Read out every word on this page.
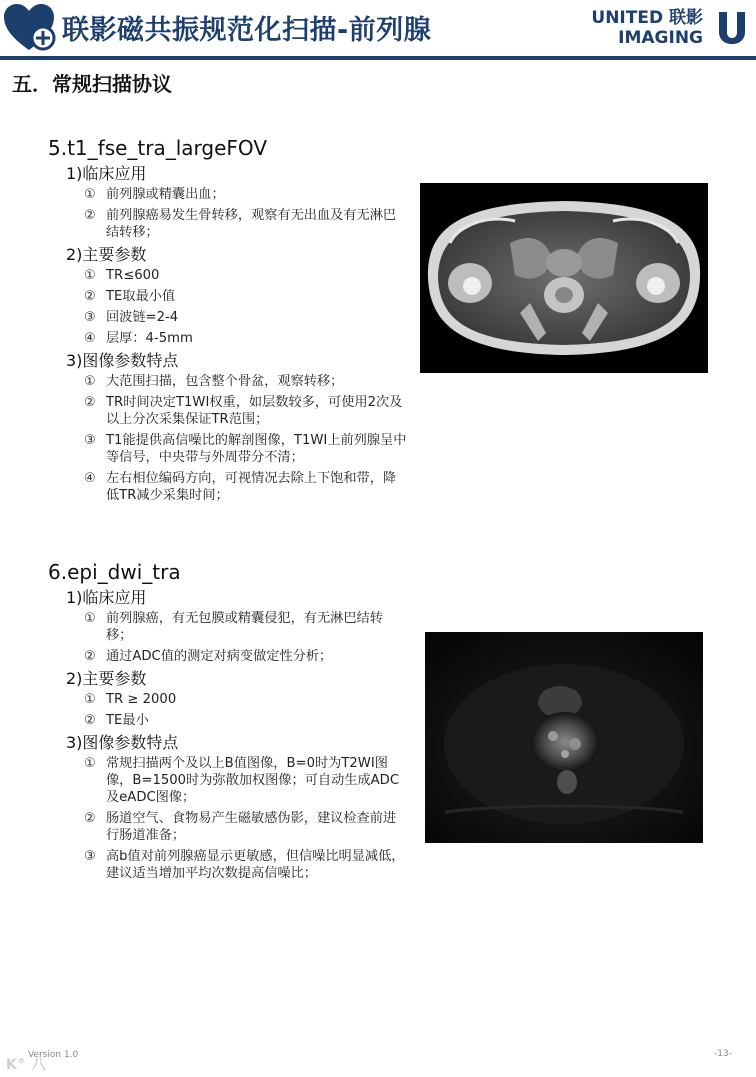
联影磁共振规范化扫描-前列腺	UNITED 联影
IMAGING
五．常规扫描协议
5.t1_fse_tra_largeFOV
1)临床应用
① 前列腺或精囊出血；
② 前列腺癌易发生骨转移，观察有无出血及有无淋巴结转移；
2)主要参数
① TR≤600
② TE取最小值
③ 回波链=2-4
④ 层厚：4-5mm
3)图像参数特点
① 大范围扫描，包含整个骨盆，观察转移；
② TR时间决定T1WI权重，如层数较多，可使用2次及以上分次采集保证TR范围；
③ T1能提供高信噪比的解剖图像，T1WI上前列腺呈中等信号，中央带与外周带分不清；
④ 左右相位编码方向，可视情况去除上下饱和带，降低TR减少采集时间；
6.epi_dwi_tra
1)临床应用
① 前列腺癌，有无包膜或精囊侵犯，有无淋巴结转移；
② 通过ADC值的测定对病变做定性分析；
2)主要参数
① TR ≥ 2000
② TE最小
3)图像参数特点
① 常规扫描两个及以上B值图像，B=0时为T2WI图像，B=1500时为弥散加权图像；可自动生成ADC及eADC图像；
② 肠道空气、食物易产生磁敏感伪影，建议检查前进行肠道准备；
③ 高b值对前列腺癌显示更敏感，但信噪比明显减低，建议适当增加平均次数提高信噪比；
K° 八
Version 1.0	-13-
